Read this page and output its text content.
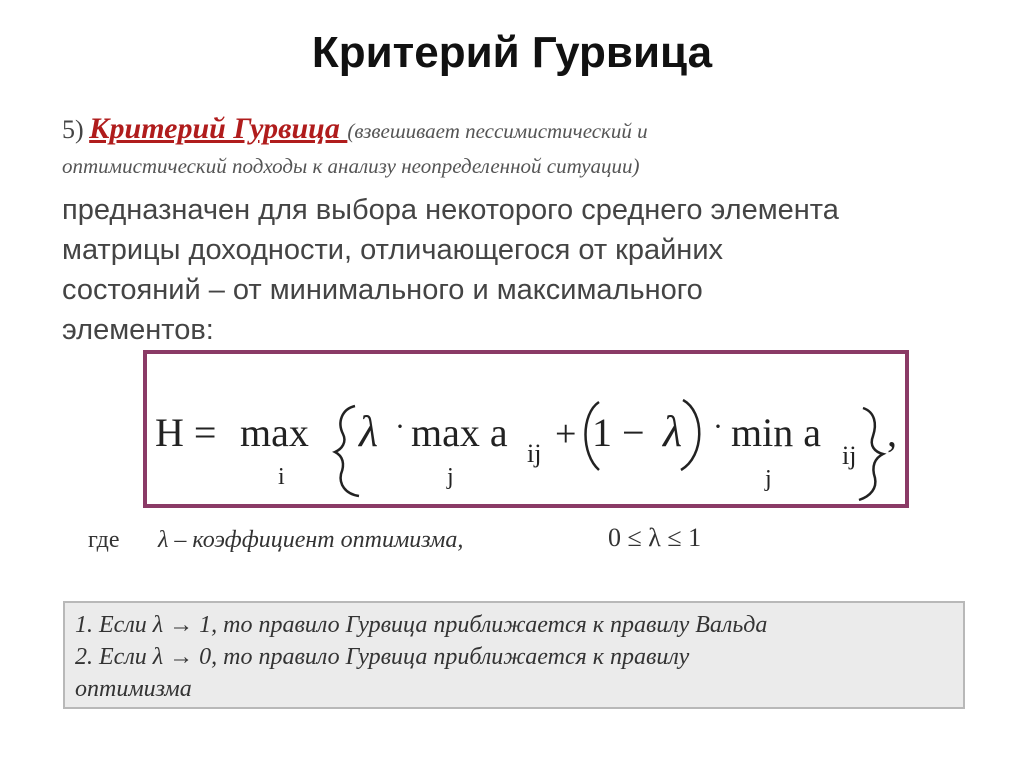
Критерий Гурвица
5) Критерий Гурвица (взвешивает пессимистический и
оптимистический подходы к анализу неопределенной ситуации)
предназначен для выбора некоторого среднего элемента
матрицы доходности, отличающегося от крайних
состояний – от минимального и максимального
элементов:
H = max
i
λ · max a ij
j
+ 1 − λ · min a
ij
j
,
где λ – коэффициент оптимизма,	0 ≤ λ ≤ 1
1. Если λ → 1, то правило Гурвица приближается к правилу Вальда
2. Если λ → 0, то правило Гурвица приближается к правилу
оптимизма
